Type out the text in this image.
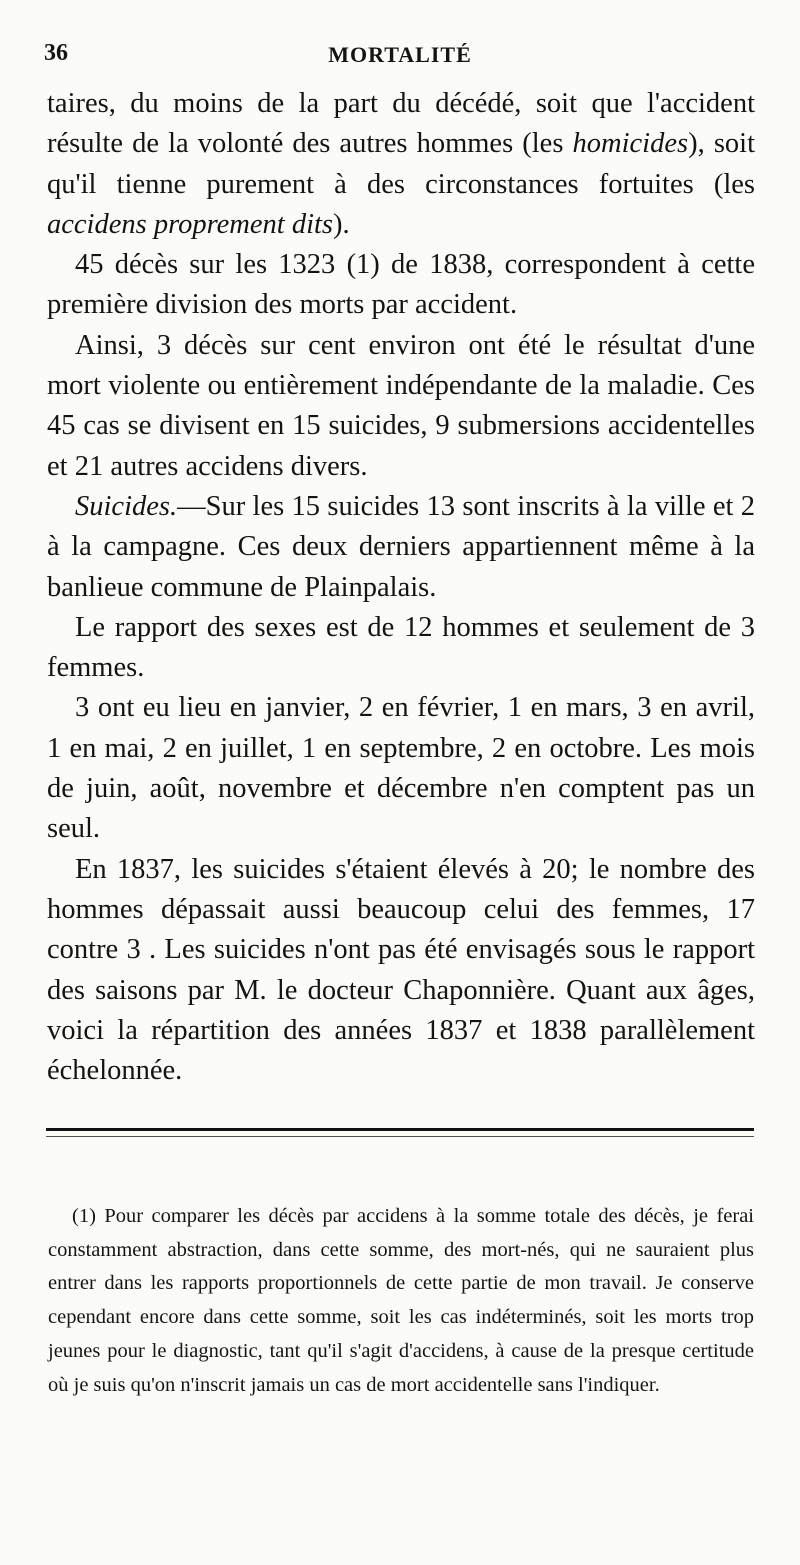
36	MORTALITÉ

taires, du moins de la part du décédé, soit que l'accident résulte de la volonté des autres hommes (les homicides), soit qu'il tienne purement à des circonstances fortuites (les accidens proprement dits).

45 décès sur les 1323 (1) de 1838, correspondent à cette première division des morts par accident.

Ainsi, 3 décès sur cent environ ont été le résultat d'une mort violente ou entièrement indépendante de la maladie. Ces 45 cas se divisent en 15 suicides, 9 submersions accidentelles et 21 autres accidens divers.

Suicides.—Sur les 15 suicides 13 sont inscrits à la ville et 2 à la campagne. Ces deux derniers appartiennent même à la banlieue commune de Plainpalais.

Le rapport des sexes est de 12 hommes et seulement de 3 femmes.

3 ont eu lieu en janvier, 2 en février, 1 en mars, 3 en avril, 1 en mai, 2 en juillet, 1 en septembre, 2 en octobre. Les mois de juin, août, novembre et décembre n'en comptent pas un seul.

En 1837, les suicides s'étaient élevés à 20; le nombre des hommes dépassait aussi beaucoup celui des femmes, 17 contre 3 . Les suicides n'ont pas été envisagés sous le rapport des saisons par M. le docteur Chaponnière. Quant aux âges, voici la répartition des années 1837 et 1838 parallèlement échelonnée.

(1) Pour comparer les décès par accidens à la somme totale des décès, je ferai constamment abstraction, dans cette somme, des mort-nés, qui ne sauraient plus entrer dans les rapports proportionnels de cette partie de mon travail. Je conserve cependant encore dans cette somme, soit les cas indéterminés, soit les morts trop jeunes pour le diagnostic, tant qu'il s'agit d'accidens, à cause de la presque certitude où je suis qu'on n'inscrit jamais un cas de mort accidentelle sans l'indiquer.
